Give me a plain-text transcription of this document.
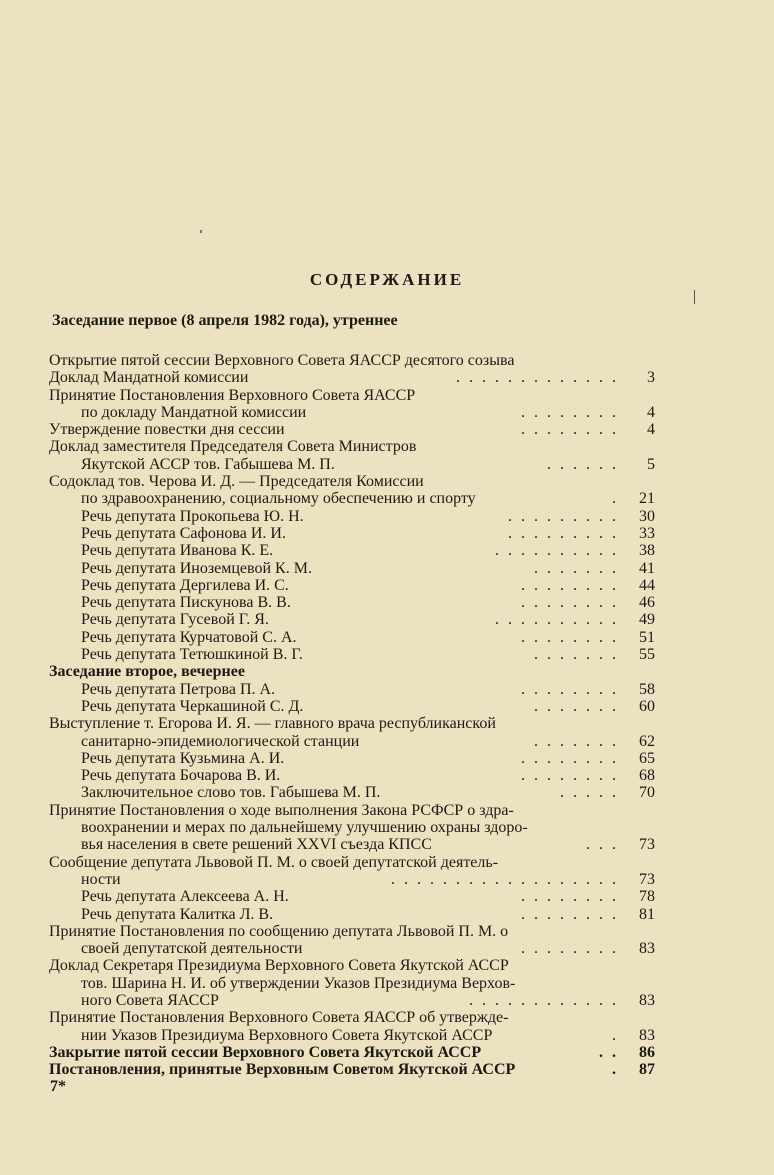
СОДЕРЖАНИЕ
Заседание первое (8 апреля 1982 года), утреннее
Открытие пятой сессии Верховного Совета ЯАССР десятого созыва
Доклад Мандатной комиссии	.............	3
Принятие Постановления Верховного Совета ЯАССР
по докладу Мандатной комиссии	........	4
Утверждение повестки дня сессии	........	4
Доклад заместителя Председателя Совета Министров
Якутской АССР тов. Габышева М. П.	......	5
Содоклад тов. Черова И. Д. — Председателя Комиссии
по здравоохранению, социальному обеспечению и спорту	. 21
Речь депутата Прокопьева Ю. Н.	......... 30
Речь депутата Сафонова И. И.	......... 33
Речь депутата Иванова К. Е.	.......... 38
Речь депутата Иноземцевой К. М.	....... 41
Речь депутата Дергилева И. С.	........ 44
Речь депутата Пискунова В. В.	........ 46
Речь депутата Гусевой Г. Я.	.......... 49
Речь депутата Курчатовой С. А.	........ 51
Речь депутата Тетюшкиной В. Г.	....... 55
Заседание второе, вечернее
Речь депутата Петрова П. А.	........ 58
Речь депутата Черкашиной С. Д.	....... 60
Выступление т. Егорова И. Я. — главного врача республиканской
санитарно-эпидемиологической станции	....... 62
Речь депутата Кузьмина А. И.	........ 65
Речь депутата Бочарова В. И.	........ 68
Заключительное слово тов. Габышева М. П.	..... 70
Принятие Постановления о ходе выполнения Закона РСФСР о здра-
воохранении и мерах по дальнейшему улучшению охраны здоро-
вья населения в свете решений XXVI съезда КПСС	... 73
Сообщение депутата Львовой П. М. о своей депутатской деятель-
ности	.................. 73
Речь депутата Алексеева А. Н.	........ 78
Речь депутата Калитка Л. В.	........ 81
Принятие Постановления по сообщению депутата Львовой П. М. о
своей депутатской деятельности	........ 83
Доклад Секретаря Президиума Верховного Совета Якутской АССР
тов. Шарина Н. И. об утверждении Указов Президиума Верхов-
ного Совета ЯАССР	............ 83
Принятие Постановления Верховного Совета ЯАССР об утвержде-
нии Указов Президиума Верховного Совета Якутской АССР	. 83
Закрытие пятой сессии Верховного Совета Якутской АССР	.. 86
Постановления, принятые Верховным Советом Якутской АССР	. 87
7*
